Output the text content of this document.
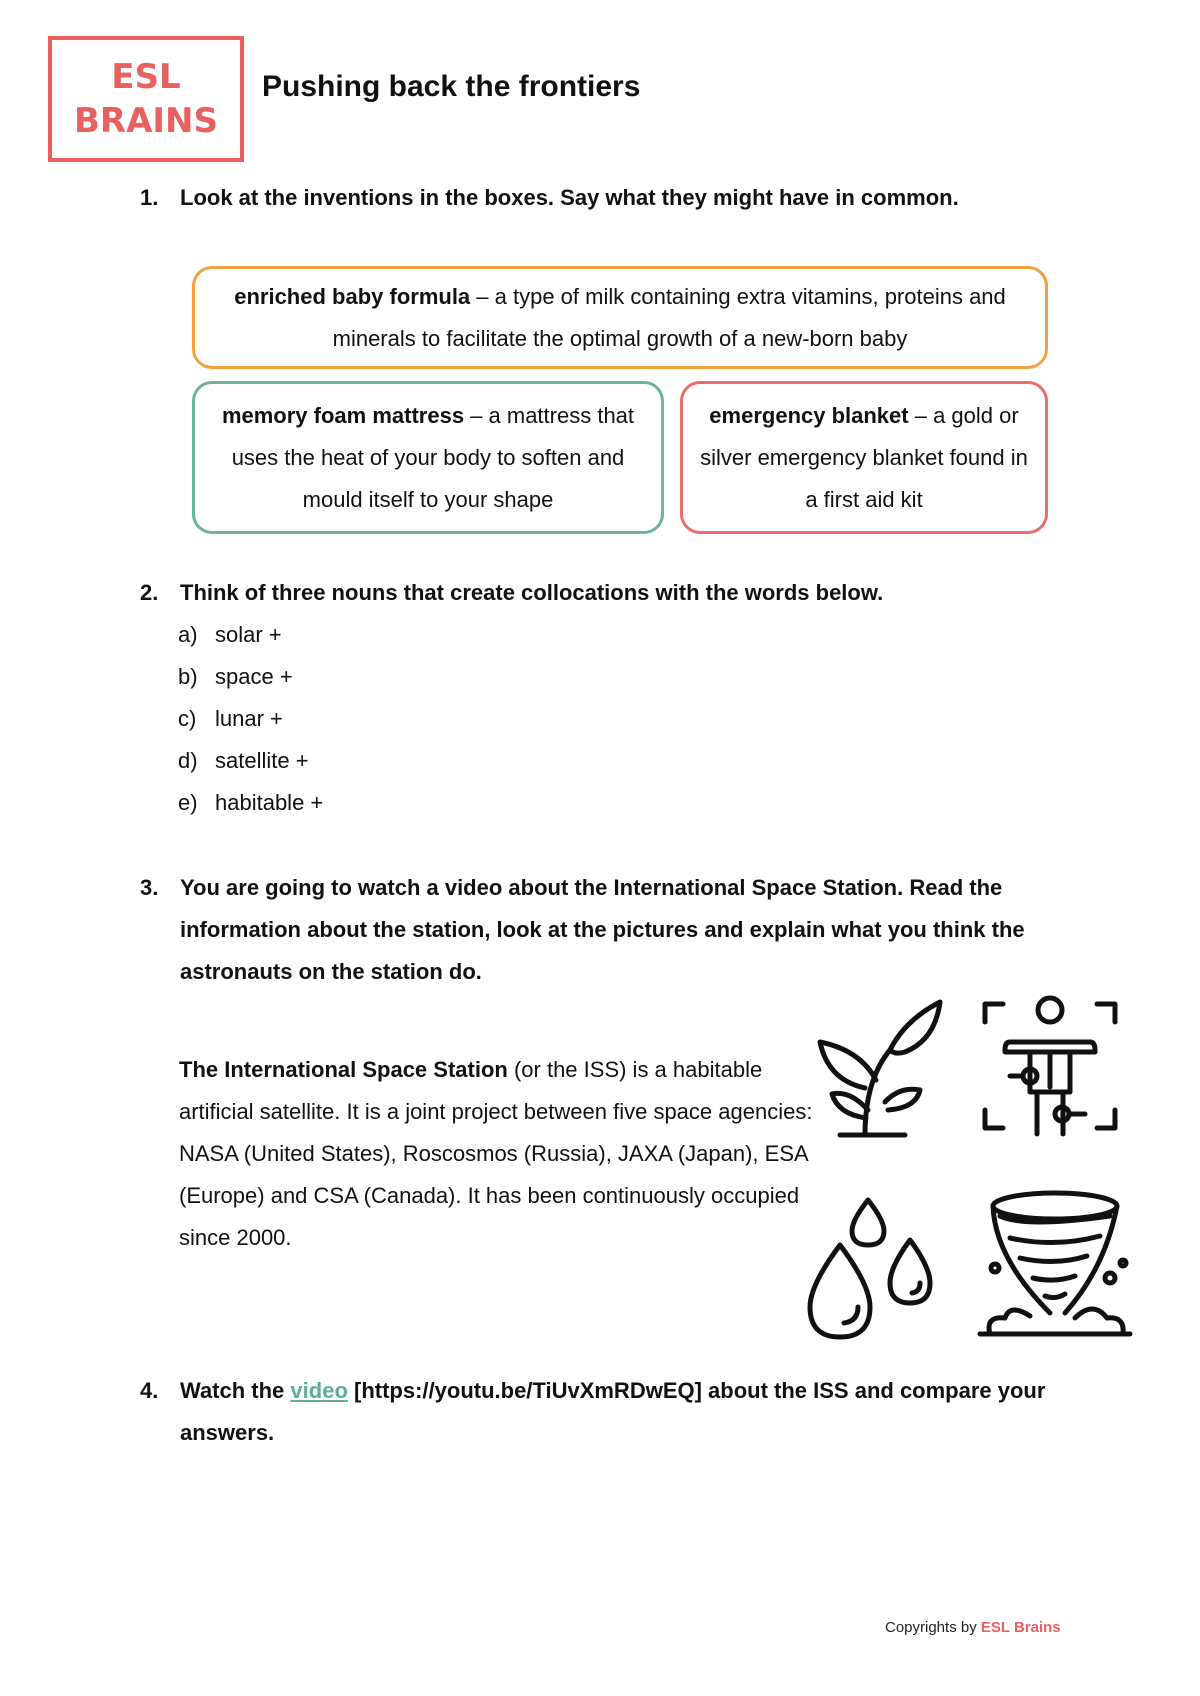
ESL
BRAINS
Pushing back the frontiers
1. Look at the inventions in the boxes. Say what they might have in common.
enriched baby formula – a type of milk containing extra vitamins, proteins and minerals to facilitate the optimal growth of a new-born baby
memory foam mattress – a mattress that uses the heat of your body to soften and mould itself to your shape
emergency blanket – a gold or silver emergency blanket found in a first aid kit
2. Think of three nouns that create collocations with the words below.
a) solar +
b) space +
c) lunar +
d) satellite +
e) habitable +
3. You are going to watch a video about the International Space Station. Read the information about the station, look at the pictures and explain what you think the astronauts on the station do.
The International Space Station (or the ISS) is a habitable artificial satellite. It is a joint project between five space agencies: NASA (United States), Roscosmos (Russia), JAXA (Japan), ESA (Europe) and CSA (Canada). It has been continuously occupied since 2000.
4. Watch the video [https://youtu.be/TiUvXmRDwEQ] about the ISS and compare your answers.
Copyrights by ESL Brains
